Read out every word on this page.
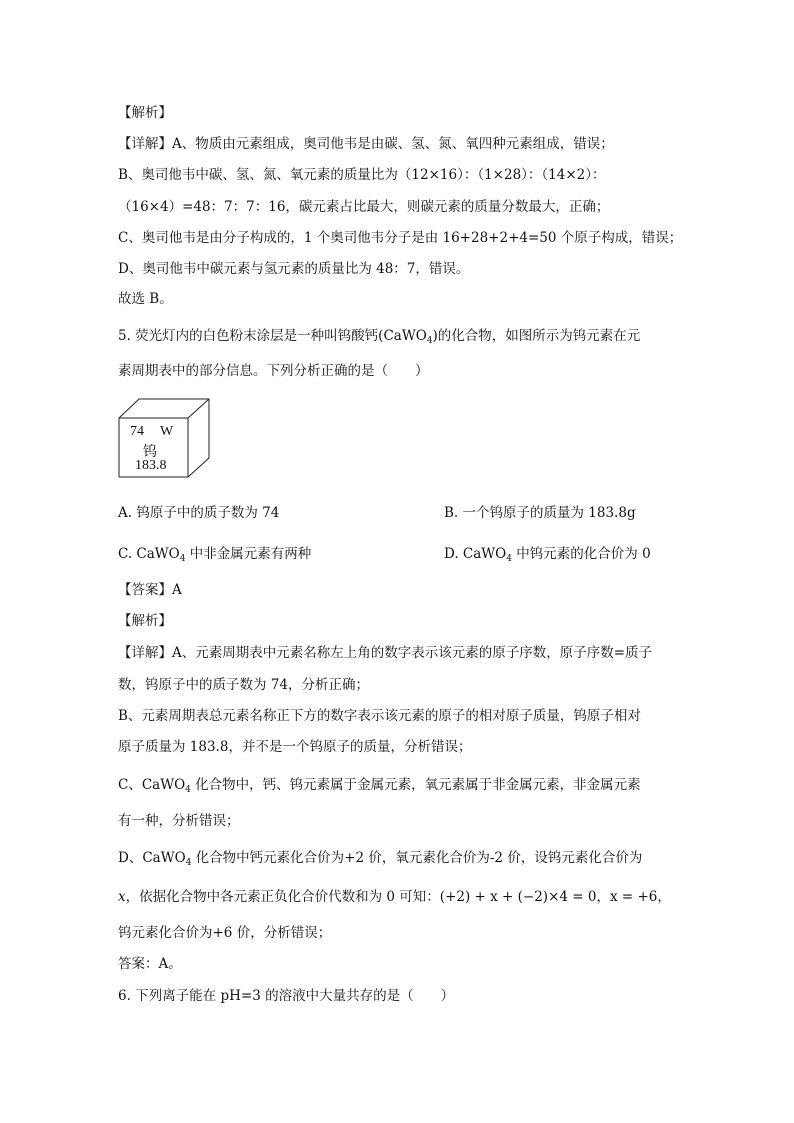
【解析】
【详解】A、物质由元素组成，奥司他韦是由碳、氢、氮、氧四种元素组成，错误；
B、奥司他韦中碳、氢、氮、氧元素的质量比为（12×16）：（1×28）：（14×2）：
（16×4）=48：7：7：16，碳元素占比最大，则碳元素的质量分数最大，正确；
C、奥司他韦是由分子构成的，1 个奥司他韦分子是由 16+28+2+4=50 个原子构成，错误；
D、奥司他韦中碳元素与氢元素的质量比为 48：7，错误。
故选 B。
5. 荧光灯内的白色粉末涂层是一种叫钨酸钙(CaWO$_4$)的化合物，如图所示为钨元素在元
素周期表中的部分信息。下列分析正确的是（　　）
74 W
钨
183.8
A. 钨原子中的质子数为 74	B. 一个钨原子的质量为 183.8g
C. CaWO$_4$ 中非金属元素有两种	D. CaWO$_4$ 中钨元素的化合价为 0
【答案】A
【解析】
【详解】A、元素周期表中元素名称左上角的数字表示该元素的原子序数，原子序数=质子
数，钨原子中的质子数为 74，分析正确；
B、元素周期表总元素名称正下方的数字表示该元素的原子的相对原子质量，钨原子相对
原子质量为 183.8，并不是一个钨原子的质量，分析错误；
C、CaWO$_4$ 化合物中，钙、钨元素属于金属元素，氧元素属于非金属元素，非金属元素
有一种，分析错误；
D、CaWO$_4$ 化合物中钙元素化合价为+2 价，氧元素化合价为-2 价，设钨元素化合价为
x，依据化合物中各元素正负化合价代数和为 0 可知：(+2) + x + (−2)×4 = 0，x = +6，
钨元素化合价为+6 价，分析错误；
答案：A。
6. 下列离子能在 pH=3 的溶液中大量共存的是（　　）
